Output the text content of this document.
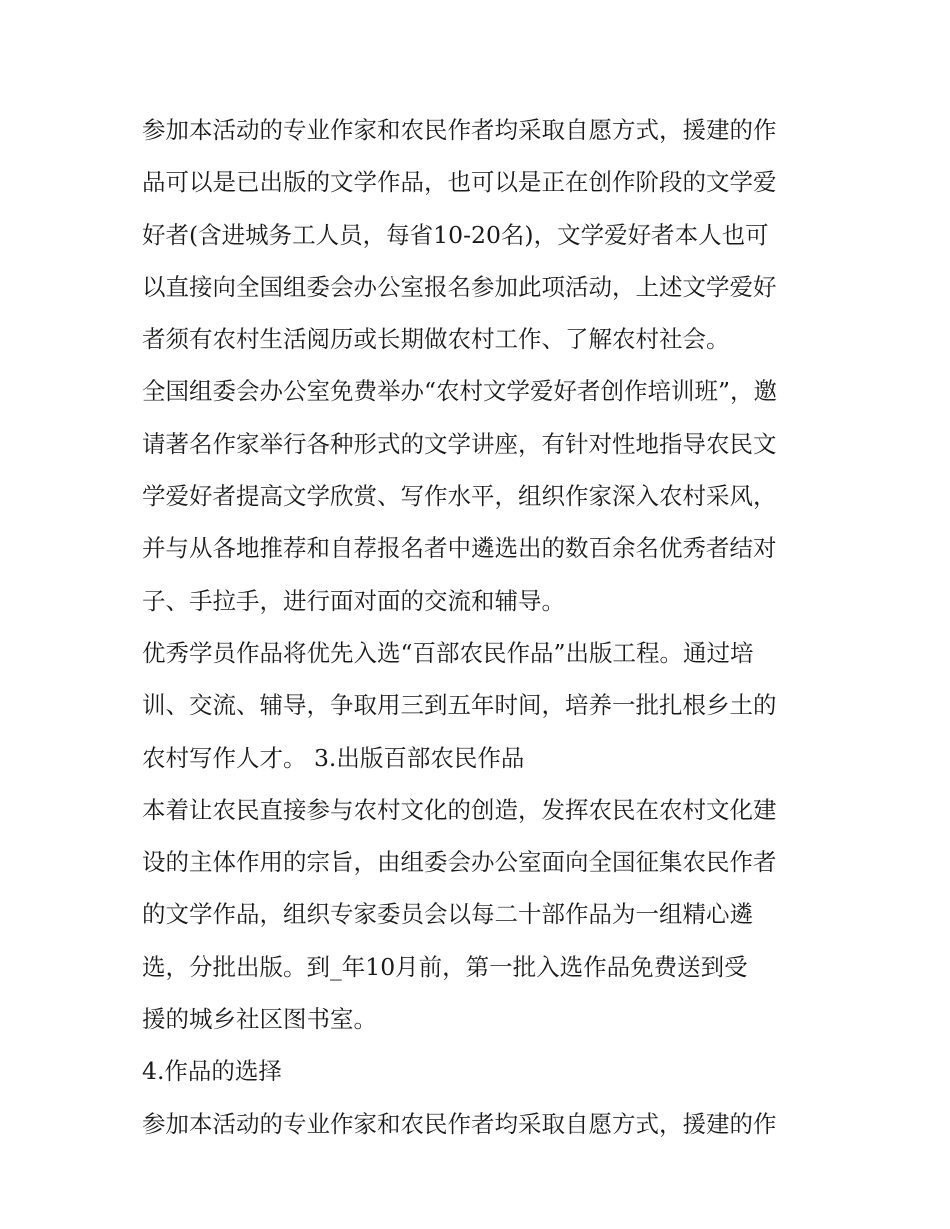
参加本活动的专业作家和农民作者均采取自愿方式，援建的作
品可以是已出版的文学作品，也可以是正在创作阶段的文学爱
好者(含进城务工人员，每省10-20名)，文学爱好者本人也可
以直接向全国组委会办公室报名参加此项活动，上述文学爱好
者须有农村生活阅历或长期做农村工作、了解农村社会。
全国组委会办公室免费举办“农村文学爱好者创作培训班”，邀
请著名作家举行各种形式的文学讲座，有针对性地指导农民文
学爱好者提高文学欣赏、写作水平，组织作家深入农村采风，
并与从各地推荐和自荐报名者中遴选出的数百余名优秀者结对
子、手拉手，进行面对面的交流和辅导。
优秀学员作品将优先入选“百部农民作品”出版工程。通过培
训、交流、辅导，争取用三到五年时间，培养一批扎根乡土的
农村写作人才。 3.出版百部农民作品
本着让农民直接参与农村文化的创造，发挥农民在农村文化建
设的主体作用的宗旨，由组委会办公室面向全国征集农民作者
的文学作品，组织专家委员会以每二十部作品为一组精心遴
选，分批出版。到_年10月前，第一批入选作品免费送到受
援的城乡社区图书室。
4.作品的选择
参加本活动的专业作家和农民作者均采取自愿方式，援建的作
